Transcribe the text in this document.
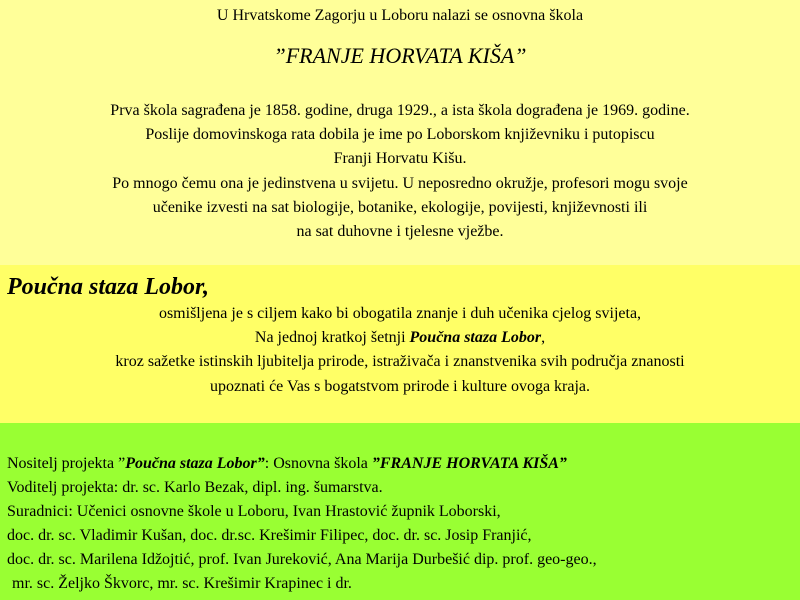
U Hrvatskome Zagorju u Loboru nalazi se osnovna škola
”FRANJE HORVATA KIŠA”
Prva škola sagrađena je 1858. godine, druga 1929., a ista škola dograđena je 1969. godine.
Poslije domovinskoga rata dobila je ime po Loborskom književniku i putopiscu
Franji Horvatu Kišu.
Po mnogo čemu ona je jedinstvena u svijetu. U neposredno okružje, profesori mogu svoje
učenike izvesti na sat biologije, botanike, ekologije, povijesti, književnosti ili
na sat duhovne i tjelesne vježbe.
Poučna staza Lobor,
osmišljena je s ciljem kako bi obogatila znanje i duh učenika cjelog svijeta,
Na jednoj kratkoj šetnji Poučna staza Lobor,
kroz sažetke istinskih ljubitelja prirode, istraživača i znanstvenika svih područja znanosti
upoznati će Vas s bogatstvom prirode i kulture ovoga kraja.
Nositelj projekta ”Poučna staza Lobor”: Osnovna škola ”FRANJE HORVATA KIŠA”
Voditelj projekta: dr. sc. Karlo Bezak, dipl. ing. šumarstva.
Suradnici: Učenici osnovne škole u Loboru, Ivan Hrastović župnik Loborski,
doc. dr. sc. Vladimir Kušan, doc. dr.sc. Krešimir Filipec, doc. dr. sc. Josip Franjić,
doc. dr. sc. Marilena Idžojtić, prof. Ivan Jureković, Ana Marija Durbešić dip. prof. geo-geo.,
mr. sc. Željko Škvorc, mr. sc. Krešimir Krapinec i dr.
